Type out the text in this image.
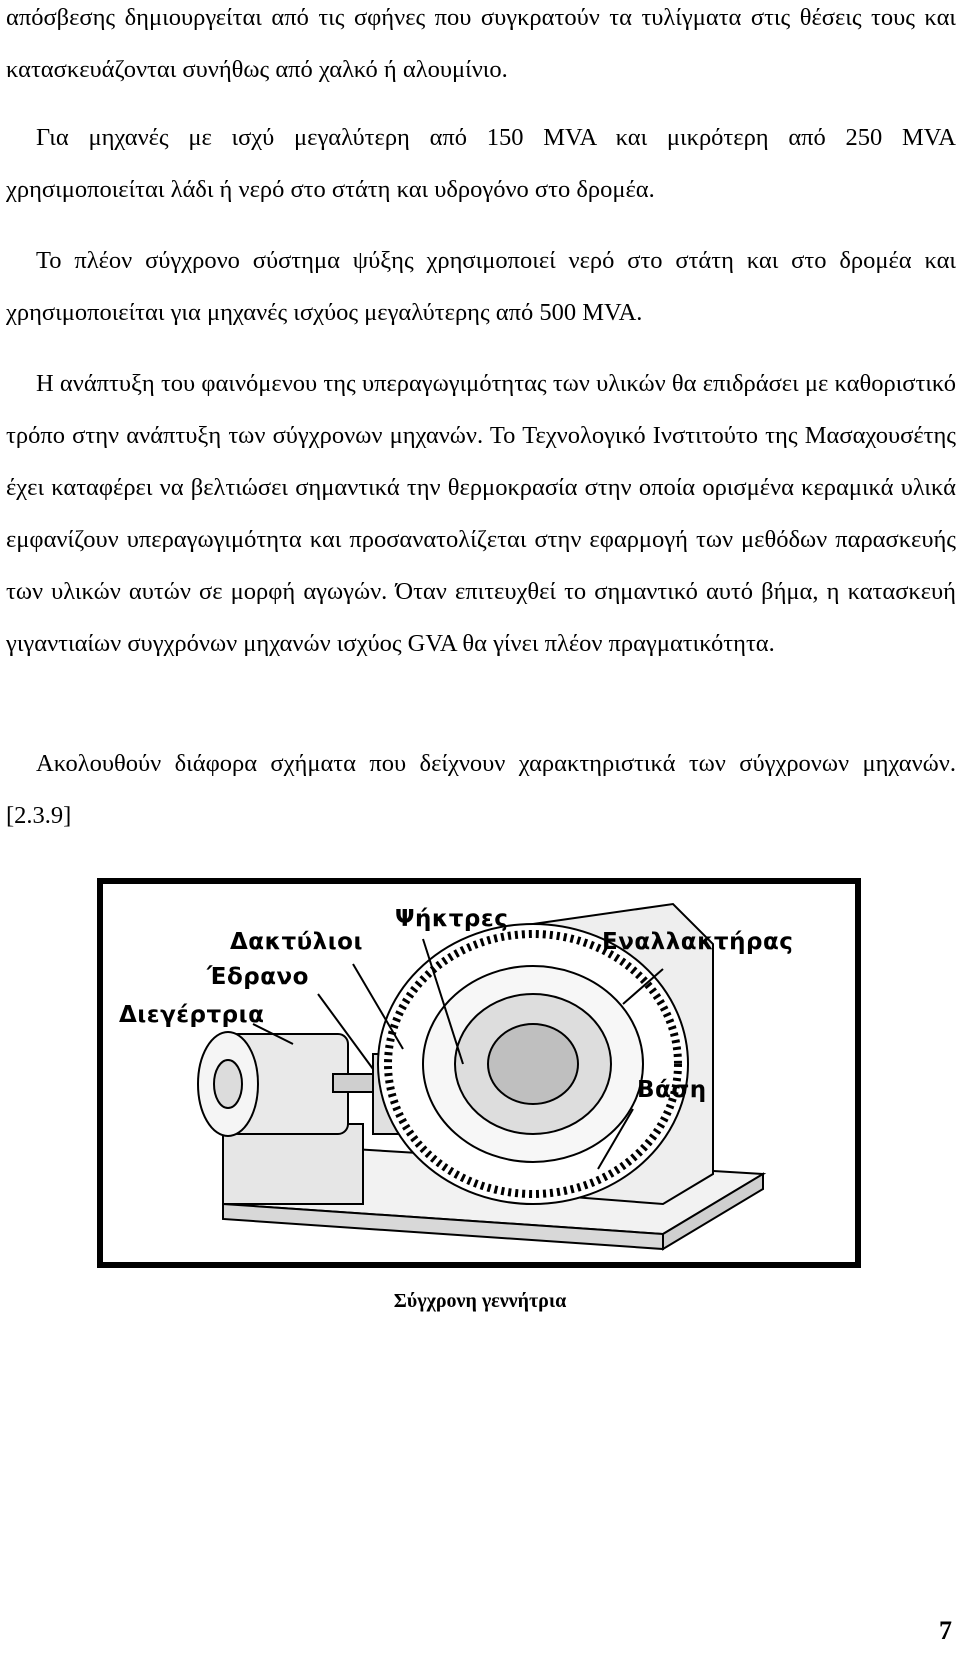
απόσβεσης δημιουργείται από τις σφήνες που συγκρατούν τα τυλίγματα στις θέσεις τους και κατασκευάζονται συνήθως από χαλκό ή αλουμίνιο.

Για μηχανές με ισχύ μεγαλύτερη από 150 MVA και μικρότερη από 250 MVA χρησιμοποιείται λάδι ή νερό στο στάτη και υδρογόνο στο δρομέα.

Το πλέον σύγχρονο σύστημα ψύξης χρησιμοποιεί νερό στο στάτη και στο δρομέα και χρησιμοποιείται για μηχανές ισχύος μεγαλύτερης από 500 MVA.

Η ανάπτυξη του φαινόμενου της υπεραγωγιμότητας των υλικών θα επιδράσει με καθοριστικό τρόπο στην ανάπτυξη των σύγχρονων μηχανών. Το Τεχνολογικό Ινστιτούτο της Μασαχουσέτης έχει καταφέρει να βελτιώσει σημαντικά την θερμοκρασία στην οποία ορισμένα κεραμικά υλικά εμφανίζουν υπεραγωγιμότητα και προσανατολίζεται στην εφαρμογή των μεθόδων παρασκευής των υλικών αυτών σε μορφή αγωγών. Όταν επιτευχθεί το σημαντικό αυτό βήμα, η κατασκευή γιγαντιαίων συγχρόνων μηχανών ισχύος GVA θα γίνει πλέον πραγματικότητα.

Ακολουθούν διάφορα σχήματα που δείχνουν χαρακτηριστικά των σύγχρονων μηχανών. [2.3.9]

Ψήκτρες

Δακτύλιοι	Εναλλακτήρας

Έδρανο

Διεγέρτρια

Βάση

Σύγχρονη γεννήτρια

7
